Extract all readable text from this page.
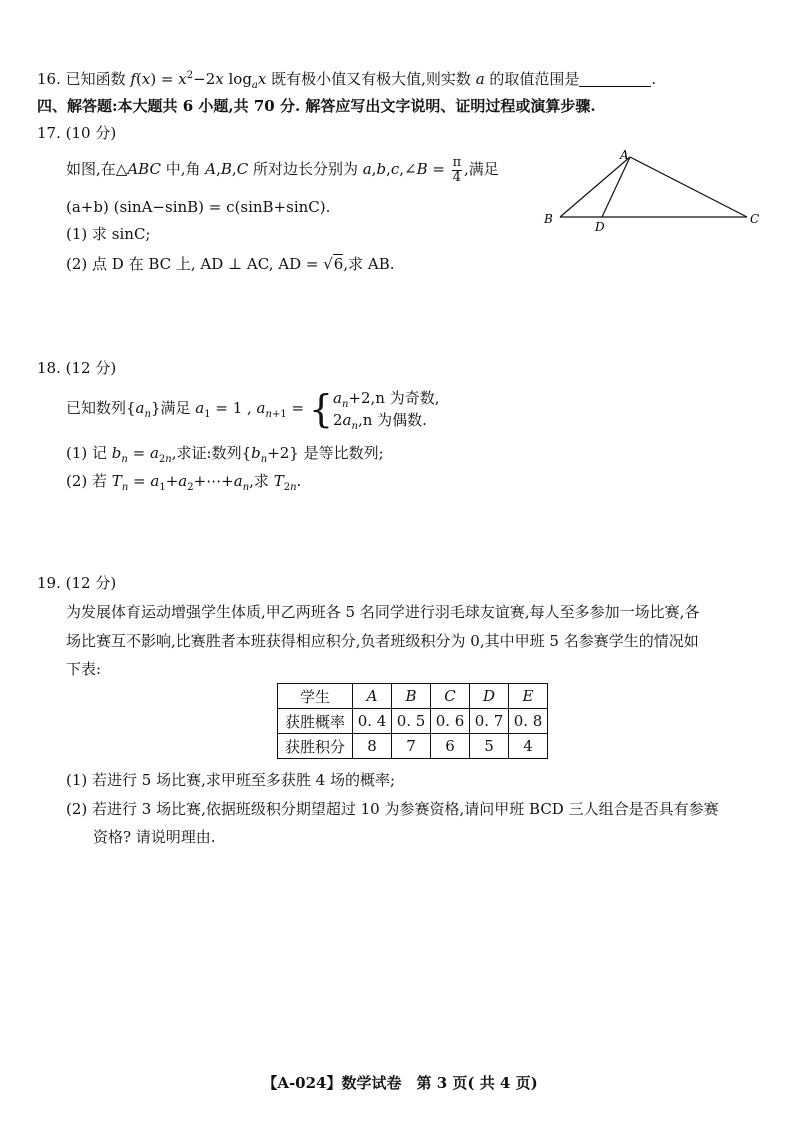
16. 已知函数 $f(x) = x^2-2x$ $\log_ax$ 既有极小值又有极大值,则实数 a 的取值范围是	.
四、解答题:本大题共 6 小题,共 70 分. 解答应写出文字说明、证明过程或演算步骤.
17. (10 分)
如图,在△ABC 中,角 A,B,C 所对边长分别为 a,b,c,∠B = $\frac{\pi}{4}$ ,满足
(a+b) (sinA−sinB) = c(sinB+sinC).
(1) 求 sinC;
(2) 点 D 在 BC 上, AD ⊥ AC, AD = √6,求 AB.
A
B	C
D
18. (12 分)
已知数列$\{a_n\}$满足 $a_1 = 1$ , $a_{n+1} = \{a_n+2,n$ 为奇数,
$2a_n,n$ 为偶数.
(1) 记 $b_n = a_{2n}$,求证:数列$\{b_n+2\}$ 是等比数列;
(2) 若 $T_n$ = $a_1+a_2+\cdots+a_n$,求 $T_{2n}$.
19. (12 分)
为发展体育运动增强学生体质,甲乙两班各 5 名同学进行羽毛球友谊赛,每人至多参加一场比赛,各
场比赛互不影响,比赛胜者本班获得相应积分,负者班级积分为 0,其中甲班 5 名参赛学生的情况如
下表:
学生	A	B	C	D	E
获胜概率	0. 4	0. 5	0. 6	0. 7	0. 8
获胜积分	8	7	6	5	4
(1) 若进行 5 场比赛,求甲班至多获胜 4 场的概率;
(2) 若进行 3 场比赛,依据班级积分期望超过 10 为参赛资格,请问甲班 BCD 三人组合是否具有参赛
资格? 请说明理由.
【A-024】数学试卷　第 3 页( 共 4 页)
